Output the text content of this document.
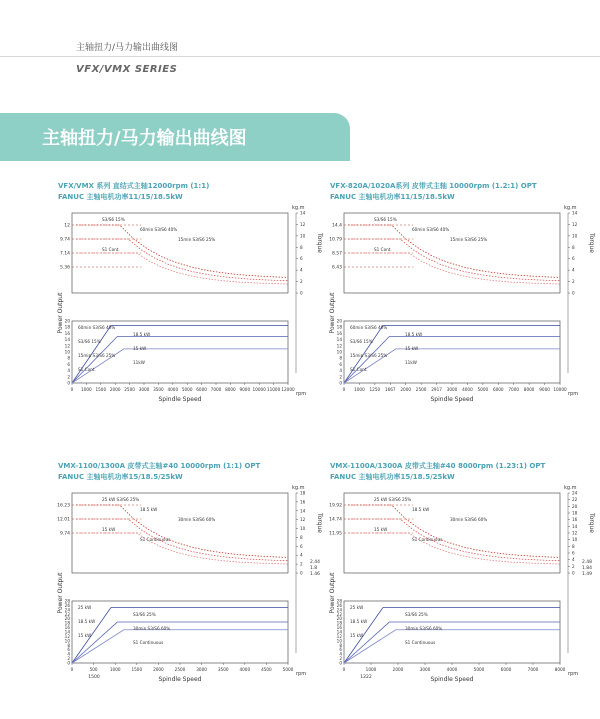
主轴扭力/马力输出曲线图
VFX/VMX SERIES
主轴扭力/马力输出曲线图
VFX/VMX 系列 直结式主轴12000rpm (1:1)
FANUC 主轴电机功率11/15/18.5kW
Power Output
Torque
Spindle Speed
rpm
kg.m
0 1000 1500 2000 2500 3000 3500 4000 5000 6000 7000 8000 9000 10000 11000 12000
20
18
16
14
12
10
8
6
4
2
0
12
9.74
7.14
5.36
14
12
10
8
6
4
2
0
S3/S6 15%
60min S3/S6 40%
15min S3/S6 25%
S1 Cont.
60min S3/S6 40%
18.5 kW
S3/S6 15%
15 kW
15min S3/S6 25%
11kW
S1 Cont.
VFX-820A/1020A系列 皮带式主轴 10000rpm (1.2:1) OPT
FANUC 主轴电机功率11/15/18.5kW
Power Output
Torque
Spindle Speed
rpm
kg.m
0 1000 1250 1667 2000 2500 2917 3000 4000 5000 6000 7000 8000 9000 10000
20
18
16
14
12
10
8
6
4
2
0
14.4
10.79
8.57
6.43
14
12
10
8
6
4
2
0
S3/S6 15%
60min S3/S6 40%
15min S3/S6 25%
S1 Cont.
60min S3/S6 40%
18.5 kW
S3/S6 15%
15 kW
15min S3/S6 25%
11kW
S1 Cont.
VMX-1100/1300A 皮带式主轴#40 10000rpm (1:1) OPT
FANUC 主轴电机功率15/18.5/25kW
Power Output
Torque
Spindle Speed
rpm
kg.m
0	500	1000	1500	2000	2500	3000	3500	4000	4500	5000
28
26
24
22
20
18
16
14
12
10
8
6
4
2
0
16.23
12.01
9.74
18
16
14
12
10
8
6
4
2
0
2.44
1.8
1.46
25 kW S3/S6 25%
18.5 kW
30min S3/S6 60%
15 kW
S1 Continuous
25 kW
S3/S6 25%
18.5 kW
30min S3/S6 60%
15 kW
S1 Continuous
1500
VMX-1100A/1300A 皮带式主轴#40 8000rpm (1.23:1) OPT
FANUC 主轴电机功率15/18.5/25kW
Power Output
Torque
Spindle Speed
rpm
kg.m
0	1000	2000	3000	4000	5000	6000	7000	8000
28
26
24
22
20
18
16
14
12
10
8
6
4
2
0
19.92
14.74
11.95
24
22
20
18
16
14
12
10
8
6
4
2
0
2.48
1.84
1.49
25 kW S3/S6 25%
18.5 kW
30min S3/S6 60%
15 kW
S1 Continuous
25 kW
S3/S6 25%
18.5 kW
30min S3/S6 60%
15 kW
S1 Continuous
1222
